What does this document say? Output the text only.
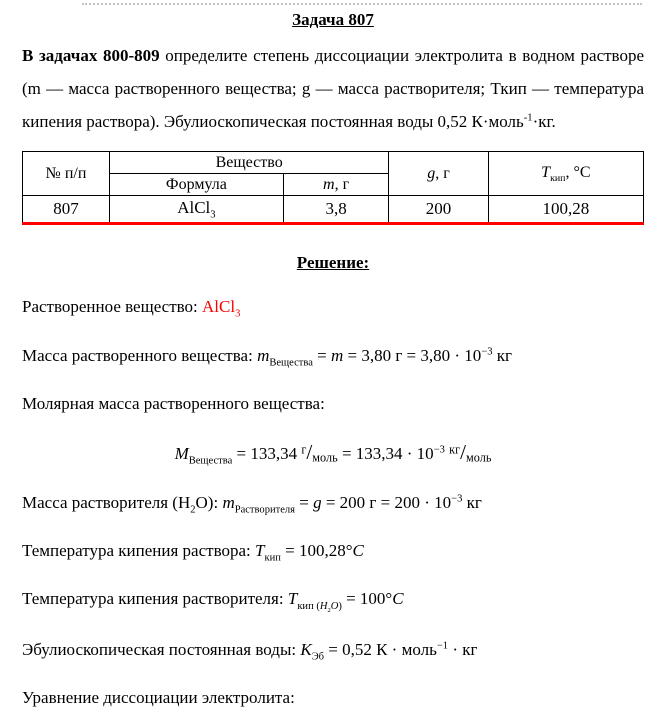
Задача 807

В задачах 800-809 определите степень диссоциации электролита в водном растворе (m — масса растворенного вещества; g — масса растворителя; Ткип — температура кипения раствора). Эбулиоскопическая постоянная воды 0,52 К·моль$^{-1}$·кг.

№ п/п	Вещество		g, г	$T_{кип}$, °C
	Формула	m, г		
807	AlCl$_3$	3,8	200	100,28
Решение:

Растворенное вещество: AlCl$_3$

Масса растворенного вещества: $m_{Вещества} = m = 3,80$ $г = 3,80 \cdot 10^{-3}$ кг

Молярная масса растворенного вещества:

$M_{Вещества} = 133,34$ $^г$/моль = $133,34 \cdot 10^{-3}$ $^{кг}$/моль

Масса растворителя $(H_2O)$: $m_{Растворителя} = g = 200$ $г = 200 \cdot 10^{-3}$ кг

Температура кипения раствора: $T_{кип} = 100,28^\circ C$

Температура кипения растворителя: $T_{кип (H_2O)} = 100^\circ C$

Эбулиоскопическая постоянная воды: $K_{Эб} = 0,52$ К · моль$^{-1}$ · кг

Уравнение диссоциации электролита:
